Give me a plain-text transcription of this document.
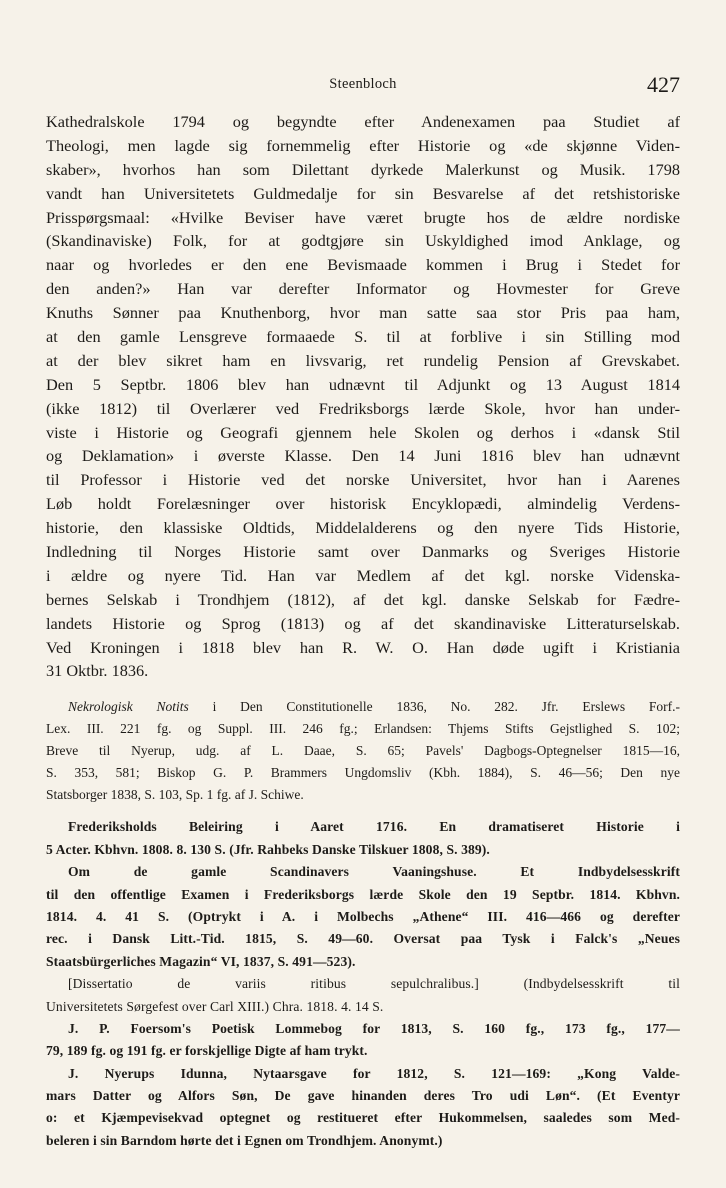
Steenbloch	427
Kathedralskole 1794 og begyndte efter Andenexamen paa Studiet af
Theologi, men lagde sig fornemmelig efter Historie og «de skjønne Viden-
skaber», hvorhos han som Dilettant dyrkede Malerkunst og Musik. 1798
vandt han Universitetets Guldmedalje for sin Besvarelse af det retshistoriske
Prisspørgsmaal: «Hvilke Beviser have været brugte hos de ældre nordiske
(Skandinaviske) Folk, for at godtgjøre sin Uskyldighed imod Anklage, og
naar og hvorledes er den ene Bevismaade kommen i Brug i Stedet for
den anden?» Han var derefter Informator og Hovmester for Greve
Knuths Sønner paa Knuthenborg, hvor man satte saa stor Pris paa ham,
at den gamle Lensgreve formaaede S. til at forblive i sin Stilling mod
at der blev sikret ham en livsvarig, ret rundelig Pension af Grevskabet.
Den 5 Septbr. 1806 blev han udnævnt til Adjunkt og 13 August 1814
(ikke 1812) til Overlærer ved Fredriksborgs lærde Skole, hvor han under-
viste i Historie og Geografi gjennem hele Skolen og derhos i «dansk Stil
og Deklamation» i øverste Klasse. Den 14 Juni 1816 blev han udnævnt
til Professor i Historie ved det norske Universitet, hvor han i Aarenes
Løb holdt Forelæsninger over historisk Encyklopædi, almindelig Verdens-
historie, den klassiske Oldtids, Middelalderens og den nyere Tids Historie,
Indledning til Norges Historie samt over Danmarks og Sveriges Historie
i ældre og nyere Tid. Han var Medlem af det kgl. norske Videnska-
bernes Selskab i Trondhjem (1812), af det kgl. danske Selskab for Fædre-
landets Historie og Sprog (1813) og af det skandinaviske Litteraturselskab.
Ved Kroningen i 1818 blev han R. W. O. Han døde ugift i Kristiania
31 Oktbr. 1836.
Nekrologisk Notits i Den Constitutionelle 1836, No. 282. Jfr. Erslews Forf.-
Lex. III. 221 fg. og Suppl. III. 246 fg.; Erlandsen: Thjems Stifts Gejstlighed S. 102;
Breve til Nyerup, udg. af L. Daae, S. 65; Pavels' Dagbogs-Optegnelser 1815—16,
S. 353, 581; Biskop G. P. Brammers Ungdomsliv (Kbh. 1884), S. 46—56; Den nye
Statsborger 1838, S. 103, Sp. 1 fg. af J. Schiwe.
Frederiksholds Beleiring i Aaret 1716. En dramatiseret Historie i
5 Acter. Kbhvn. 1808. 8. 130 S. (Jfr. Rahbeks Danske Tilskuer 1808, S. 389).
Om de gamle Scandinavers Vaaningshuse. Et Indbydelsesskrift
til den offentlige Examen i Frederiksborgs lærde Skole den 19 Septbr. 1814. Kbhvn.
1814. 4. 41 S. (Optrykt i A. i Molbechs „Athene“ III. 416—466 og derefter
rec. i Dansk Litt.-Tid. 1815, S. 49—60. Oversat paa Tysk i Falck's „Neues
Staatsbürgerliches Magazin“ VI, 1837, S. 491—523).
[Dissertatio de variis ritibus sepulchralibus.] (Indbydelsesskrift til
Universitetets Sørgefest over Carl XIII.) Chra. 1818. 4. 14 S.
J. P. Foersom's Poetisk Lommebog for 1813, S. 160 fg., 173 fg., 177—
79, 189 fg. og 191 fg. er forskjellige Digte af ham trykt.
J. Nyerups Idunna, Nytaarsgave for 1812, S. 121—169: „Kong Valde-
mars Datter og Alfors Søn, De gave hinanden deres Tro udi Løn“. (Et Eventyr
o: et Kjæmpevisekvad optegnet og restitueret efter Hukommelsen, saaledes som Med-
beleren i sin Barndom hørte det i Egnen om Trondhjem. Anonymt.)
